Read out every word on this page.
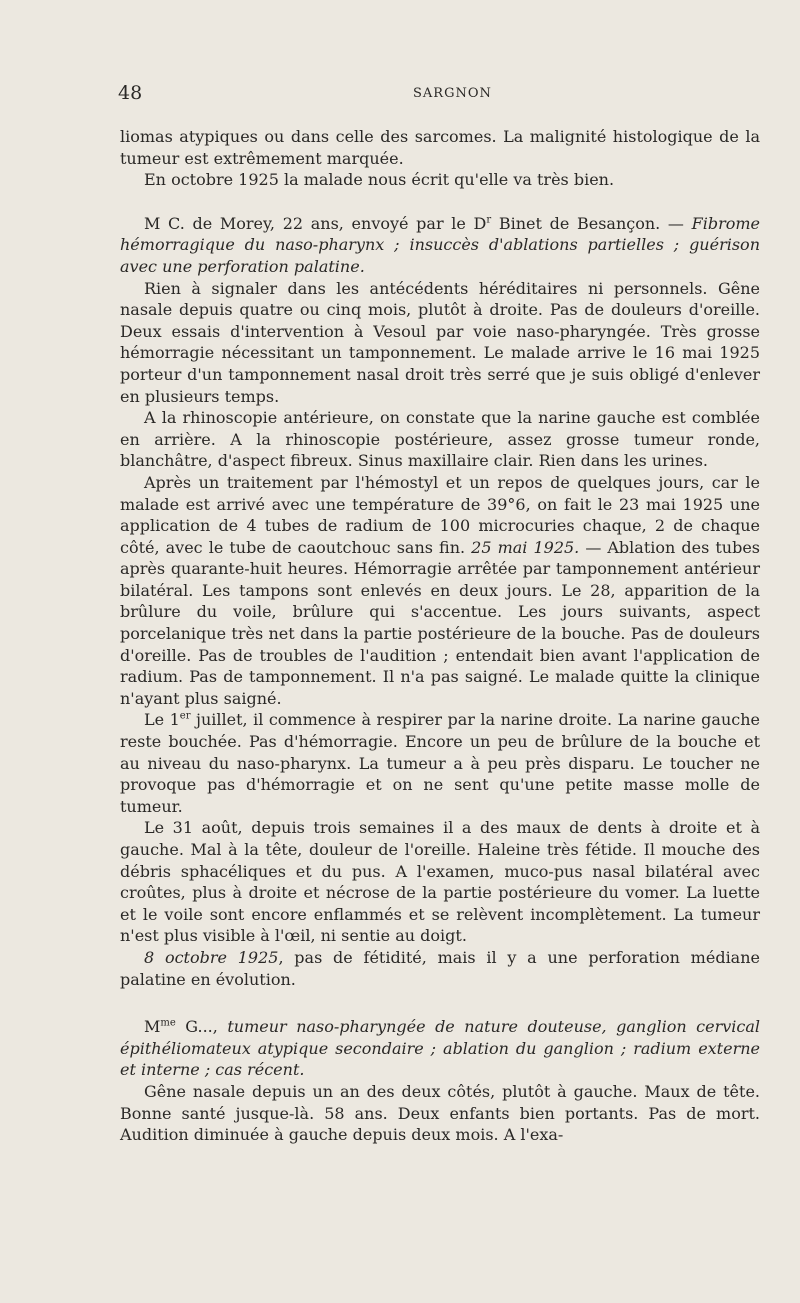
48	SARGNON

liomas atypiques ou dans celle des sarcomes. La malignité histologique de la tumeur est extrêmement marquée.

En octobre 1925 la malade nous écrit qu'elle va très bien.

M C. de Morey, 22 ans, envoyé par le $D^r$ Binet de Besançon. — Fibrome hémorragique du naso-pharynx ; insuccès d'ablations partielles ; guérison avec une perforation palatine.

Rien à signaler dans les antécédents héréditaires ni personnels. Gêne nasale depuis quatre ou cinq mois, plutôt à droite. Pas de douleurs d'oreille. Deux essais d'intervention à Vesoul par voie naso-pharyngée. Très grosse hémorragie nécessitant un tamponnement. Le malade arrive le 16 mai 1925 porteur d'un tamponnement nasal droit très serré que je suis obligé d'enlever en plusieurs temps.

A la rhinoscopie antérieure, on constate que la narine gauche est comblée en arrière. A la rhinoscopie postérieure, assez grosse tumeur ronde, blanchâtre, d'aspect fibreux. Sinus maxillaire clair. Rien dans les urines.

Après un traitement par l'hémostyl et un repos de quelques jours, car le malade est arrivé avec une température de 39°6, on fait le 23 mai 1925 une application de 4 tubes de radium de 100 microcuries chaque, 2 de chaque côté, avec le tube de caoutchouc sans fin. 25 mai 1925. — Ablation des tubes après quarante-huit heures. Hémorragie arrêtée par tamponnement antérieur bilatéral. Les tampons sont enlevés en deux jours. Le 28, apparition de la brûlure du voile, brûlure qui s'accentue. Les jours suivants, aspect porcelanique très net dans la partie postérieure de la bouche. Pas de douleurs d'oreille. Pas de troubles de l'audition ; entendait bien avant l'application de radium. Pas de tamponnement. Il n'a pas saigné. Le malade quitte la clinique n'ayant plus saigné.

Le 1er juillet, il commence à respirer par la narine droite. La narine gauche reste bouchée. Pas d'hémorragie. Encore un peu de brûlure de la bouche et au niveau du naso-pharynx. La tumeur a à peu près disparu. Le toucher ne provoque pas d'hémorragie et on ne sent qu'une petite masse molle de tumeur.

Le 31 août, depuis trois semaines il a des maux de dents à droite et à gauche. Mal à la tête, douleur de l'oreille. Haleine très fétide. Il mouche des débris sphacéliques et du pus. A l'examen, muco-pus nasal bilatéral avec croûtes, plus à droite et nécrose de la partie postérieure du vomer. La luette et le voile sont encore enflammés et se relèvent incomplètement. La tumeur n'est plus visible à l'œil, ni sentie au doigt.

8 octobre 1925, pas de fétidité, mais il y a une perforation médiane palatine en évolution.

$M^{me}$ G..., tumeur naso-pharyngée de nature douteuse, ganglion cervical épithéliomateux atypique secondaire ; ablation du ganglion ; radium externe et interne ; cas récent.

Gêne nasale depuis un an des deux côtés, plutôt à gauche. Maux de tête. Bonne santé jusque-là. 58 ans. Deux enfants bien portants. Pas de mort. Audition diminuée à gauche depuis deux mois. A l'exa-
